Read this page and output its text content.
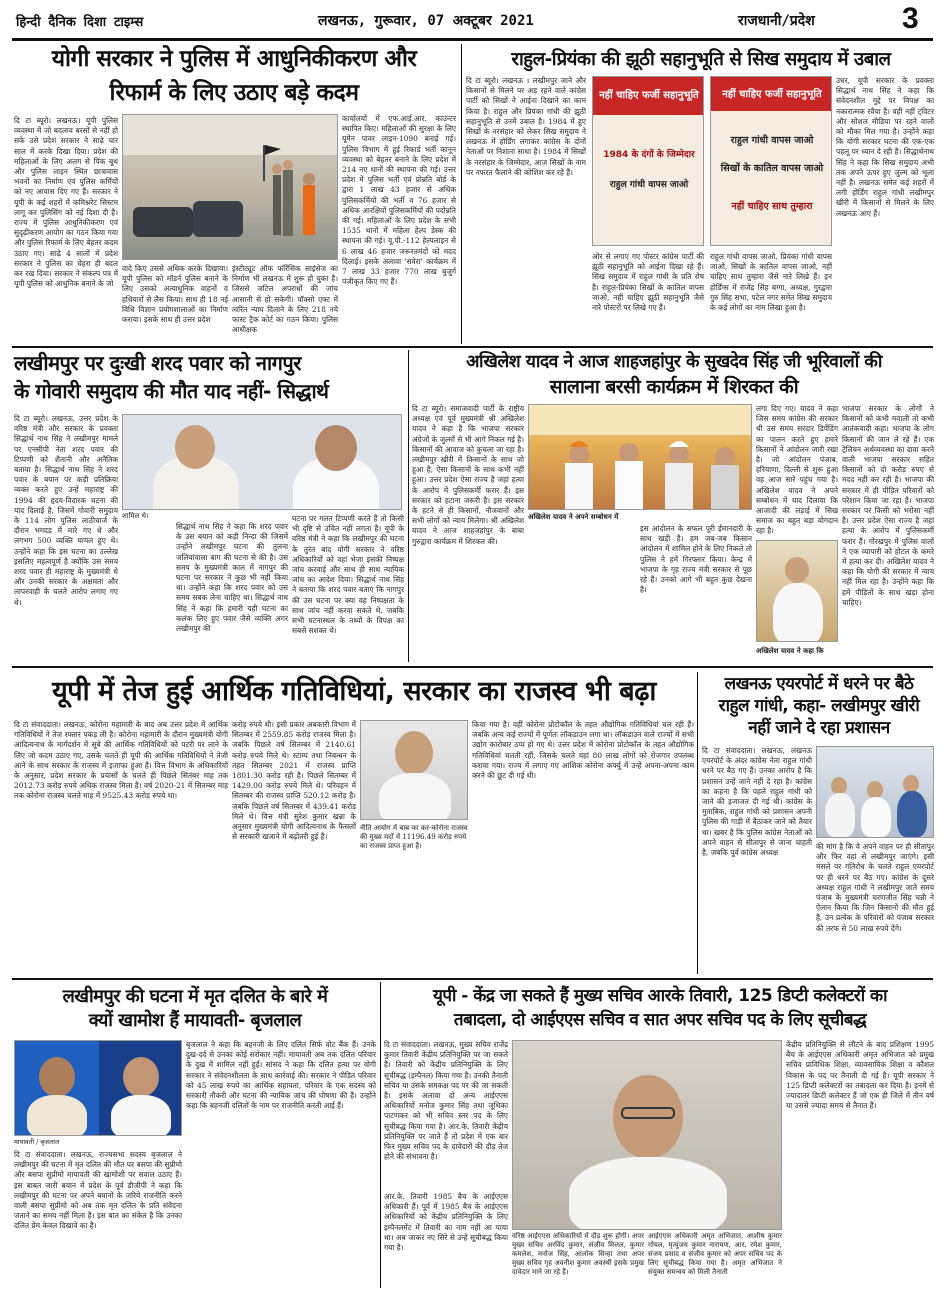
हिन्दी दैनिक दिशा टाइम्स	लखनऊ, गुरूवार, 07 अक्टूबर 2021	राजधानी/प्रदेश	3
योगी सरकार ने पुलिस में आधुनिकीकरण और
रिफार्म के लिए उठाए बड़े कदम
दि टा ब्यूरो। लखनऊ। यूपी पुलिस व्यवस्था में जो बदलाव बरसों से नहीं हो सके उसे प्रदेश सरकार ने साढ़े चार साल में करके दिखा दिया। प्रदेश की महिलाओं के लिए अलग से पिंक बूथ और पुलिस लाइन स्थित छात्रावास भवनों का निर्माण एवं पुलिस कर्मियों को नए आवास दिए गए हैं। सरकार ने यूपी के कई शहरों में कमिश्नरेट सिस्टम लागू कर पुलिसिंग को नई दिशा दी है। राज्य में पुलिस आधुनिकीकरण एवं सुदृढ़ीकरण आयोग का गठन किया गया और पुलिस रिफार्म के लिए बेहतर कदम उठाए गए। साढ़े 4 सालों में प्रदेश सरकार ने पुलिस का चेहरा ही बदल कर रख दिया। सरकार ने संकल्प पत्र में यूपी पुलिस को आधुनिक बनाने के जो
वादे किए उससे अधिक करके दिखाया। यूपी पुलिस को मॉडर्न पुलिस बनाने के लिए उसको अत्याधुनिक वाहनों व हथियारों से लैस किया। साथ ही 18 नई विधि विज्ञान प्रयोगशालाओं का निर्माण कराया। इसके साथ ही उत्तर प्रदेश
इंस्टीट्यूट ऑफ फॉरेंसिक साइंसेज का निर्माण भी लखनऊ में शुरू हो चुका है। जिससे जटिल अपराधों की जांच आसानी से हो सकेगी। पॉक्सो एक्ट में त्वरित न्याय दिलाने के लिए 218 नये फास्ट ट्रैक कोर्ट का गठन किया। पुलिस आधीक्षक
कार्यालयों में एफ.आई.आर. काउन्टर स्थापित किए। महिलाओं की सुरक्षा के लिए यूमेन पावर लाइन-1090 बनाई गई। पुलिस विभाग में हुई रिकार्ड भर्ती कानून व्यवस्था को बेहतर बनाने के लिए प्रदेश में 214 नए थानों की स्थापना की गई। उत्तर प्रदेश में पुलिस भर्ती एवं प्रोन्नति बोर्ड के द्वारा 1 लाख 43 हजार से अधिक पुलिसकर्मियों की भर्ती व 76 हजार से अधिक आरक्षियों पुलिसकर्मियों की पदोन्नति की गई। महिलाओं के लिए प्रदेश के सभी 1535 थानों में महिला हेल्प डेस्क की स्थापना की गई। यू.पी.-112 हेल्पलाइन से 6 लाख 46 हजार जरूरतमंदों को मदद दिलाई। इसके अलावा 'सवेरा' कार्यक्रम में 7 लाख 33 हजार 770 लाख बुजुर्ग पंजीकृत किए गए हैं।
राहुल-प्रियंका की झूठी सहानुभूति से सिख समुदाय में उबाल
दि टा ब्यूरो। लखनऊ । लखीमपुर जाने और किसानों से मिलने पर अड़ रहने वाले कांग्रेस पार्टी को सिखों ने आईना दिखाने का काम किया है। राहुल और प्रियंका गांधी की झूठी सहानुभूति से उनमें उबाल है। 1984 में हुए सिखों के नरसंहार को लेकर सिख समुदाय ने लखनऊ में होर्डिंग लगाकर कांग्रेस के दोनों नेताओं पर निशाना साधा है। 1984 में सिखों के नरसंहार के जिम्मेदार, आज सिखों के नाम पर नफरत फैलाने की कोशिश कर रहे हैं।
नहीं चाहिए फर्जी सहानुभूति
1984 के दंगों के जिम्मेदार
राहुल गांधी वापस जाओ
ओर से लगाए गए पोस्टर कांग्रेस पार्टी की झूठी सहानुभूति को आईना दिखा रहे हैं। सिख समुदाय में राहुल गांधी के प्रति रोष है। राहुल-प्रियंका सिखों के कातिल वापस जाओ, नहीं चाहिए झूठी सहानुभूति जैसे नारे पोस्टरों पर लिखे गए हैं।
नहीं चाहिए फर्जी सहानुभूति
राहुल गांधी वापस जाओ
सिखों के कातिल वापस जाओ
नहीं चाहिए साथ तुम्हारा
राहुल गांधी वापस जाओ, प्रियंका गांधी वापस जाओ, सिखों के कातिल वापस जाओ, नहीं चाहिए साथ तुम्हारा जैसे नारे लिखे हैं। इन होर्डिंग्स में राजेंद्र सिंह बग्गा, अध्यक्ष, गुरद्वारा गुरु सिंह सभा, पटेल नगर समेत सिख समुदाय के कई लोगों का नाम लिखा हुआ है।
उधर, यूपी सरकार के प्रवक्ता सिद्धार्थ नाथ सिंह ने कहा कि संवेदनशील मुद्दे पर विपक्ष का नकारात्मक रवैया है। वहीं नहीं ट्विटर और सोशल मीडिया पर रहने वालों को मौका मिल गया है। उन्होंने कहा कि योगी सरकार घटना की एक-एक पहलू पर ध्यान दे रही है। सिद्धार्थनाथ सिंह ने कहा कि सिख समुदाय अभी तक अपने ऊपर हुए जुल्म को भूला नहीं है। लखनऊ समेत कई शहरों में लगी होर्डिंग राहुल गांधी लखीमपुर खीरी में किसानों से मिलने के लिए लखनऊ आए हैं।
लखीमपुर पर दुःखी शरद पवार को नागपुर
के गोवारी समुदाय की मौत याद नहीं- सिद्धार्थ
दि टा ब्यूरो। लखनऊ, उत्तर प्रदेश के वरिष्ठ मंत्री और सरकार के प्रवक्ता सिद्धार्थ नाथ सिंह ने लखीमपुर मामले पर एनसीपी नेता शरद पवार की टिप्पणी को शैतानी और अनैतिक बताया है। सिद्धार्थ नाथ सिंह ने शरद पवार के बयान पर कड़ी प्रतिक्रिया व्यक्त करते हुए उन्हें महाराष्ट्र की 1994 की हृदय-विदारक घटना की याद दिलाई है, जिसमें गोवारी समुदाय के 114 लोग पुलिस लाठीचार्ज के दौरान भगदड़ में मारे गए थे और लगभग 500 व्यक्ति घायल हुए थे। उन्होंने कहा कि इस घटना का उल्लेख इसलिए महत्वपूर्ण है क्योंकि उस समय शरद पवार ही महाराष्ट्र के मुख्यमंत्री थे और उनकी सरकार के अक्षमता और लापरवाही के चलते आरोप लगाए गए थे।
शामिल थे।
सिद्धार्थ नाथ सिंह ने कहा कि शरद पवार के उस बयान को कड़ी निन्दा की जिसमें उन्होंने लखीमपुर घटना की तुलना जलियांवाला बाग की घटना से की है। उस समय के मुख्यमंत्री काल में नागपुर की घटना पर सरकार ने कुछ भी नहीं किया था। उन्होंने कहा कि शरद पवार को उस समय सबक लेना चाहिए था। सिद्धार्थ नाथ सिंह ने कहा कि हमारी यही घटना का कलंक लिए हुए पवार जैसे व्यक्ति अगर लखीमपुर की
घटना पर गलत टिप्पणी करते हैं तो किसी भी दृष्टि से उचित नहीं लगता है। यूपी के वरिष्ठ मंत्री ने कहा कि लखीमपुर की घटना के तुरंत बाद योगी सरकार ने वरिष्ठ अधिकारियों को वहां भेजा इसकी निष्पक्ष जांच करवाई और साथ ही साथ न्यायिक जांच का आदेश दिया। सिद्धार्थ नाथ सिंह ने बताया कि शरद पवार बताएं कि नागपुर की उस घटना पर क्या वह निष्पक्षता के साथ जांच नहीं करवा सकते थे, जबकि सभी घटनास्थल के तथ्यों के विपक्ष का सबसे सशक्त थे।
अखिलेश यादव ने आज शाहजहांपुर के सुखदेव सिंह जी भूरिवालों की
सालाना बरसी कार्यक्रम में शिरकत की
दि टा ब्यूरो। समाजवादी पार्टी के राष्ट्रीय अध्यक्ष एवं पूर्व मुख्यमंत्री श्री अखिलेश यादव ने कहा है कि भाजपा सरकार अंग्रेजों के जुल्मों से भी आगे निकल गई है। किसानों की आवाज को कुचला जा रहा है। लखीमपुर खीरी में किसानों के साथ जो हुआ है, ऐसा किसानों के साथ कभी नहीं हुआ। उत्तर प्रदेश ऐसा राज्य है जहां हत्या के आरोप में पुलिसकर्मी फरार हैं। इस सरकार को हटाना जरूरी है। इस सरकार के हटने से ही किसानों, नौजवानों और सभी लोगों को न्याय मिलेगा। श्री अखिलेश यादव ने आज शाहजहांपुर के बाबा गुरुद्वारा कार्यक्रम में शिरकत की।
लगा दिए गए। यादव ने कहा जिस समय कांग्रेस की सरकार थी उस समय सरदार डिपेंडिंग का पालन करते हुए हमारे किसानों ने आंदोलन जारी रखा है। जो आंदोलन पंजाब, हरियाणा, दिल्ली से शुरू हुआ वह आज सारे पहुंच गया है। अखिलेश यादव ने अपने सम्बोधन में याद दिलाया कि आजादी की लड़ाई में सिख समाज का बहुत बड़ा योगदान रहा है।
अखिलेश यादव ने अपने सम्बोधन में
इस आंदोलन के सफल पूरी ईमानदारी के साथ खड़ी है। हम जब-जब किसान आंदोलन में शामिल होने के लिए निकले तो पुलिस ने हमें गिरफ्तार किया। केन्द्र में भाजपा के गृह राज्य मंत्री सरकार से पूछ रहे हैं। उनको आगे भी बहुत कुछ देखना है।
अखिलेश यादव ने कहा कि
भाजपा सरकार के लोगों ने किसानों को कभी मवाली तो कभी आतंकवादी कहा। भाजपा के लोग किसानों की जान ले रहे हैं। एक ट्रेलियन अर्थव्यवस्था का दावा करने वाली भाजपा सरकार सहित किसानों को दो करोड़ रुपए से मदद नहीं कर रही है। भाजपा की सरकार में ही पीड़ित परिवारों को परेशान किया जा रहा है। भाजपा सरकार पर किसी को भरोसा नहीं है। उत्तर प्रदेश ऐसा राज्य है जहां हत्या के आरोप में पुलिसकर्मी फरार हैं। गोरखपुर में पुलिस वालों ने एक व्यापारी को होटल के कमरे में हत्या कर दी। अखिलेश यादव ने कहा कि योगी की सरकार में न्याय नहीं मिल रहा है। उन्होंने कहा कि हमें पीड़ितों के साथ खड़ा होना चाहिए।
यूपी में तेज हुई आर्थिक गतिविधियां, सरकार का राजस्व भी बढ़ा
दि टा संवाददाता। लखनऊ, कोरोना महामारी के बाद अब उत्तर प्रदेश में आर्थिक गतिविधियों ने तेज रफ्तार पकड़ ली है। कोरोना महामारी के दौरान मुख्यमंत्री योगी आदित्यनाथ के मार्गदर्शन में सूबे की आर्थिक गतिविधियों को पटरी पर लाने के लिए जो कदम उठाए गए, उसके चलते ही यूपी की आर्थिक गतिविधियों ने तेजी आने के साथ सरकार के राजस्व में इजाफा हुआ है। वित्त विभाग के अधिकारियों के अनुसार, प्रदेश सरकार के प्रयासों के चलते ही पिछले सितंबर माह तक 2012.73 करोड़ रुपये अधिक राजस्व मिला है। वर्ष 2020-21 में सितम्बर माह तक कोरोना राजस्व चलते माह में 9525.43 करोड़ रुपये था।
करोड़ रुपये थी। इसी प्रकार अबकारी विभाग में सितम्बर में 2559.85 करोड़ राजस्व मिला है। जबकि पिछले वर्ष सितम्बर में 2140.61 करोड़ रुपये मिले थे। स्टाम्प तथा निबन्धन के तहत सितम्बर 2021 में राजस्व प्राप्ति 1801.30 करोड़ रही है। पिछले सितम्बर में 1429.00 करोड़ रुपये मिले थे। परिवहन में सितम्बर की राजस्व प्राप्ति 520.12 करोड़ है। जबकि पिछले वर्ष सितम्बर में 439.41 करोड़ मिले थे। वित्त मंत्री सुरेश कुमार खन्ना के अनुसार मुख्यमंत्री योगी आदित्यनाथ के फैसलों से सरकारी खजाने में बढ़ोतरी हुई है।
नीति आयोग में बाब का कर-कोरोना राजस्व की मुख्य मदों में 11196.49 करोड़ रुपये का राजस्व प्राप्त हुआ है।
किया गया है। वहीं कोरोना प्रोटोकॉल के तहत औद्योगिक गतिविधियां चल रही हैं। जबकि अन्य कई राज्यों में पूर्णतः लॉकडाउन लगा था। लॉकडाउन वाले राज्यों में सभी उद्योग कारोबार ठप्प हो गए थे। उत्तर प्रदेश में कोरोना प्रोटोकॉल के तहत औद्योगिक गतिविधियां चलती रहीं, जिसके चलते यहां 80 लाख लोगों को रोजगार उपलब्ध कराया गया। राज्य में लगाए गए आंशिक कोरोना कर्फ्यू में उन्हें अपना-अपना काम करने की छूट दी गई थी।
लखनऊ एयरपोर्ट में धरने पर बैठे
राहुल गांधी, कहा- लखीमपुर खीरी
नहीं जाने दे रहा प्रशासन
दि टा संवाददाता। लखनऊ, लखनऊ एयरपोर्ट के अंदर कांग्रेस नेता राहुल गांधी धरने पर बैठ गए हैं। उनका आरोप है कि प्रशासन उन्हें जाने नहीं दे रहा है। कांग्रेस का कहना है कि पहले राहुल गांधी को जाने की इजाजत दी गई थी। कांग्रेस के मुताबिक, राहुल गांधी को प्रशासन अपनी पुलिस की गाड़ी में बैठाकर जाने को तैयार था। खबर है कि पुलिस कांग्रेस नेताओं को अपने वाहन से सीतापुर से जाना चाहती है, जबकि पूर्व कांग्रेस अध्यक्ष
की मांग है कि वे अपने वाहन पर ही सीतापुर और फिर वहां से लखीमपुर जाएंगे। इसी मसले पर गतिरोध के चलते राहुल एयरपोर्ट पर ही धरने पर बैठ गए। कांग्रेस के दूसरे अध्यक्ष राहुल गांधी ने लखीमपुर जाते समय पंजाब के मुख्यमंत्री चरणजीत सिंह चन्नी ने ऐलान किया कि जिन किसानों की मौत हुई है, उन प्रत्येक के परिवारों को पंजाब सरकार की तरफ से 50 लाख रुपये देंगे।
लखीमपुर की घटना में मृत दलित के बारे में
क्यों खामोश हैं मायावती- बृजलाल
मायावती / बृजलाल
दि टा संवाददाता। लखनऊ, राज्यसभा सदस्य बृजलाल ने लखीमपुर की घटना में मृत दलित की मौत पर बसपा की सुप्रीमो और बसपा सुप्रीमो मायावती की खामोशी पर सवाल उठाए हैं। इस बाबत जारी बयान में प्रदेश के पूर्व डीजीपी ने कहा कि लखीमपुर की घटना पर अपने बयानों के जरिये राजनीति करने वाली बसपा सुप्रीमो को अब तक मृत दलित के प्रति संवेदना जताने का समय नहीं मिला है। इस बात का संकेत है कि उनका दलित प्रेम केवल दिखावे का है।
बृजलाल ने कहा कि बहनजी के लिए दलित सिर्फ वोट बैंक हैं। उनके दुख-दर्द से उनका कोई सरोकार नहीं। मायावती अब तक दलित परिवार के दुख में शामिल नहीं हुईं। सांसद ने कहा कि दलित हत्या पर योगी सरकार ने संवेदनशीलता के साथ कार्रवाई की। सरकार ने पीड़ित परिवार को 45 लाख रुपये का आर्थिक सहायता, परिवार के एक सदस्य को सरकारी नौकरी और घटना की न्यायिक जांच की घोषणा की है। उन्होंने कहा कि बहनजी दलितों के नाम पर राजनीति करती आई हैं।
यूपी - केंद्र जा सकते हैं मुख्य सचिव आरके तिवारी, 125 डिप्टी कलेक्टरों का
तबादला, दो आईएएस सचिव व सात अपर सचिव पद के लिए सूचीबद्ध
दि टा संवाददाता। लखनऊ, मुख्य सचिव राजेंद्र कुमार तिवारी केंद्रीय प्रतिनियुक्ति पर जा सकते हैं। तिवारी को केंद्रीय प्रतिनियुक्ति के लिए सूचीबद्ध (इम्पैनल) किया गया है। उनकी तैनाती सचिव या उसके समकक्ष पद पर की जा सकती है। इसके अलावा दो अन्य आईएएस अधिकारियों मनोज कुमार सिंह तथा जूथिका पाटणकर को भी सचिव स्तर पद के लिए सूचीबद्ध किया गया है। आर.के. तिवारी केंद्रीय प्रतिनियुक्ति पर जाते हैं तो प्रदेश में एक बार फिर मुख्य सचिव पद के दावेदारों की दौड़ तेज होने की संभावना है।
आर.के. तिवारी 1985 बैच के आईएएस अधिकारी हैं। पूर्व में 1985 बैच के आईएएस अधिकारियों को केंद्रीय प्रतिनियुक्ति के लिए इम्पैनलमेंट में तिवारी का नाम नहीं आ पाया था। अब जाकर नए सिरे से उन्हें सूचीबद्ध किया गया है।
वरिष्ठ आईएएस अधिकारियों में दौड़ शुरू होगी। अपर मुख्य सचिव अरविंद कुमार, संजीव मित्तल, कुमार कमलेश, मनोज सिंह, आलोक सिन्हा तथा अपर मुख्य सचिव गृह अवनीश कुमार अवस्थी इसके प्रमुख दावेदार माने जा रहे हैं।
आईएएस अधिकारी अमृत अभिजात, आशीष कुमार गोयल, मृत्युंजय कुमार नारायण, आर. रमेश कुमार, संजय प्रसाद व संजीव कुमार को अपर सचिव पद के लिए सूचीबद्ध किया गया है। अमृत अभिजात ने संयुक्त समन्वय को मिली तैनाती
केंद्रीय प्रतिनियुक्ति से लौटने के बाद प्रशिक्षण 1995 बैच के आईएएस अधिकारी अमृत अभिजात को प्रमुख सचिव प्राविधिक शिक्षा, व्यावसायिक शिक्षा व कौशल विकास के पद पर तैनाती दी गई है। यूपी सरकार ने 125 डिप्टी कलेक्टरों का तबादला कर दिया है। इनमें से ज्यादातर डिप्टी कलेक्टर हैं जो एक ही जिले में तीन वर्ष या उससे ज्यादा समय से तैनात हैं।
